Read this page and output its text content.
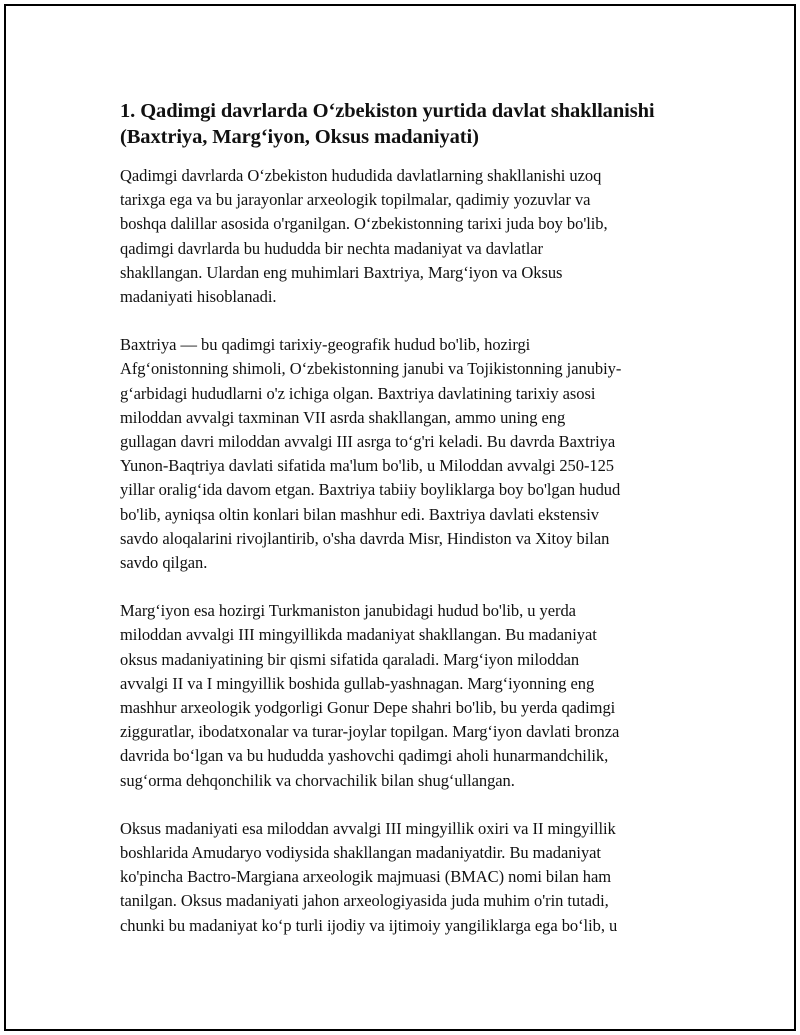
1. Qadimgi davrlarda O‘zbekiston yurtida davlat shakllanishi
(Baxtriya, Marg‘iyon, Oksus madaniyati)

Qadimgi davrlarda O‘zbekiston hududida davlatlarning shakllanishi uzoq
tarixga ega va bu jarayonlar arxeologik topilmalar, qadimiy yozuvlar va
boshqa dalillar asosida o'rganilgan. O‘zbekistonning tarixi juda boy bo'lib,
qadimgi davrlarda bu hududda bir nechta madaniyat va davlatlar
shakllangan. Ulardan eng muhimlari Baxtriya, Marg‘iyon va Oksus
madaniyati hisoblanadi.

Baxtriya — bu qadimgi tarixiy-geografik hudud bo'lib, hozirgi
Afg‘onistonning shimoli, O‘zbekistonning janubi va Tojikistonning janubiy-
g‘arbidagi hududlarni o'z ichiga olgan. Baxtriya davlatining tarixiy asosi
miloddan avvalgi taxminan VII asrda shakllangan, ammo uning eng
gullagan davri miloddan avvalgi III asrga to‘g'ri keladi. Bu davrda Baxtriya
Yunon-Baqtriya davlati sifatida ma'lum bo'lib, u Miloddan avvalgi 250-125
yillar oralig‘ida davom etgan. Baxtriya tabiiy boyliklarga boy bo'lgan hudud
bo'lib, ayniqsa oltin konlari bilan mashhur edi. Baxtriya davlati ekstensiv
savdo aloqalarini rivojlantirib, o'sha davrda Misr, Hindiston va Xitoy bilan
savdo qilgan.

Marg‘iyon esa hozirgi Turkmaniston janubidagi hudud bo'lib, u yerda
miloddan avvalgi III mingyillikda madaniyat shakllangan. Bu madaniyat
oksus madaniyatining bir qismi sifatida qaraladi. Marg‘iyon miloddan
avvalgi II va I mingyillik boshida gullab-yashnagan. Marg‘iyonning eng
mashhur arxeologik yodgorligi Gonur Depe shahri bo'lib, bu yerda qadimgi
zigguratlar, ibodatxonalar va turar-joylar topilgan. Marg‘iyon davlati bronza
davrida bo‘lgan va bu hududda yashovchi qadimgi aholi hunarmandchilik,
sug‘orma dehqonchilik va chorvachilik bilan shug‘ullangan.

Oksus madaniyati esa miloddan avvalgi III mingyillik oxiri va II mingyillik
boshlarida Amudaryo vodiysida shakllangan madaniyatdir. Bu madaniyat
ko'pincha Bactro-Margiana arxeologik majmuasi (BMAC) nomi bilan ham
tanilgan. Oksus madaniyati jahon arxeologiyasida juda muhim o'rin tutadi,
chunki bu madaniyat ko‘p turli ijodiy va ijtimoiy yangiliklarga ega bo‘lib, u
